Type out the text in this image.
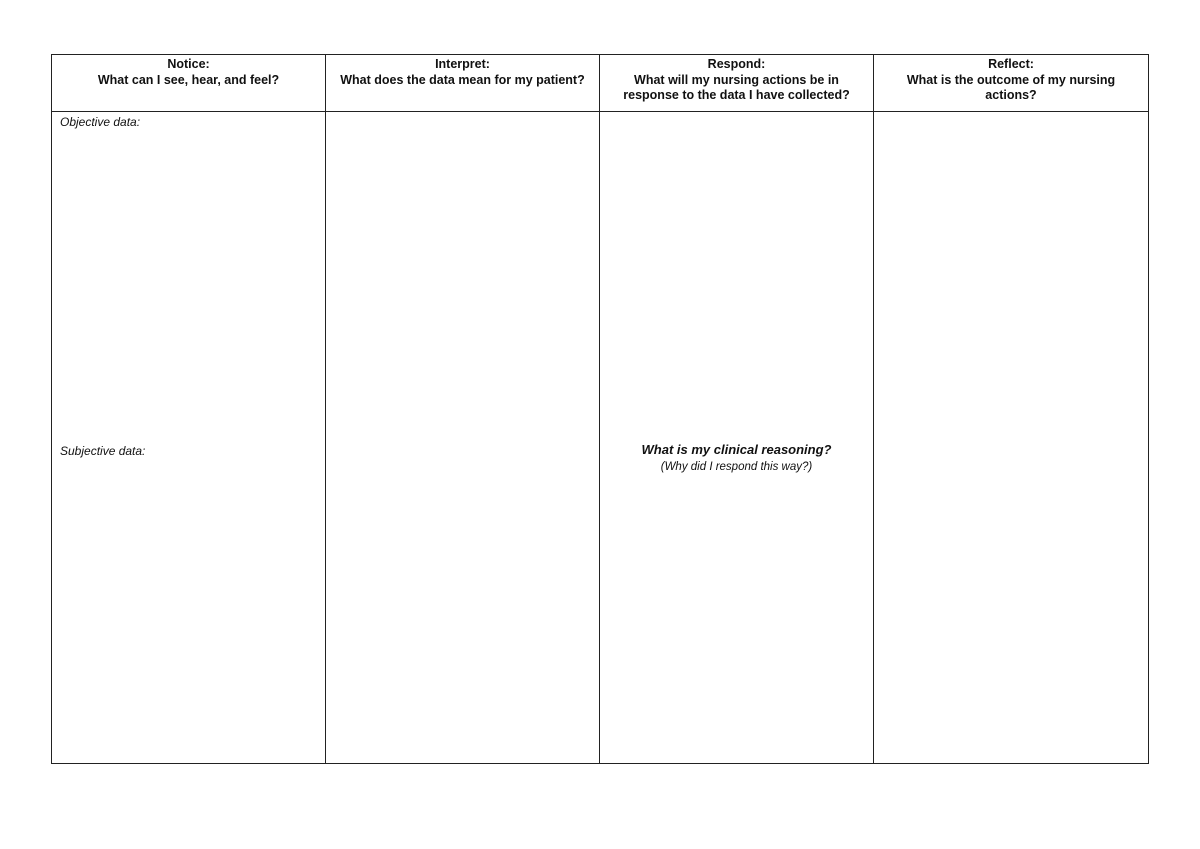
Notice:
What can I see, hear, and feel?
Interpret:
What does the data mean for my patient?
Respond:
What will my nursing actions be in response to the data I have collected?
Reflect:
What is the outcome of my nursing actions?
Objective data:
Subjective data:	What is my clinical reasoning?
(Why did I respond this way?)
